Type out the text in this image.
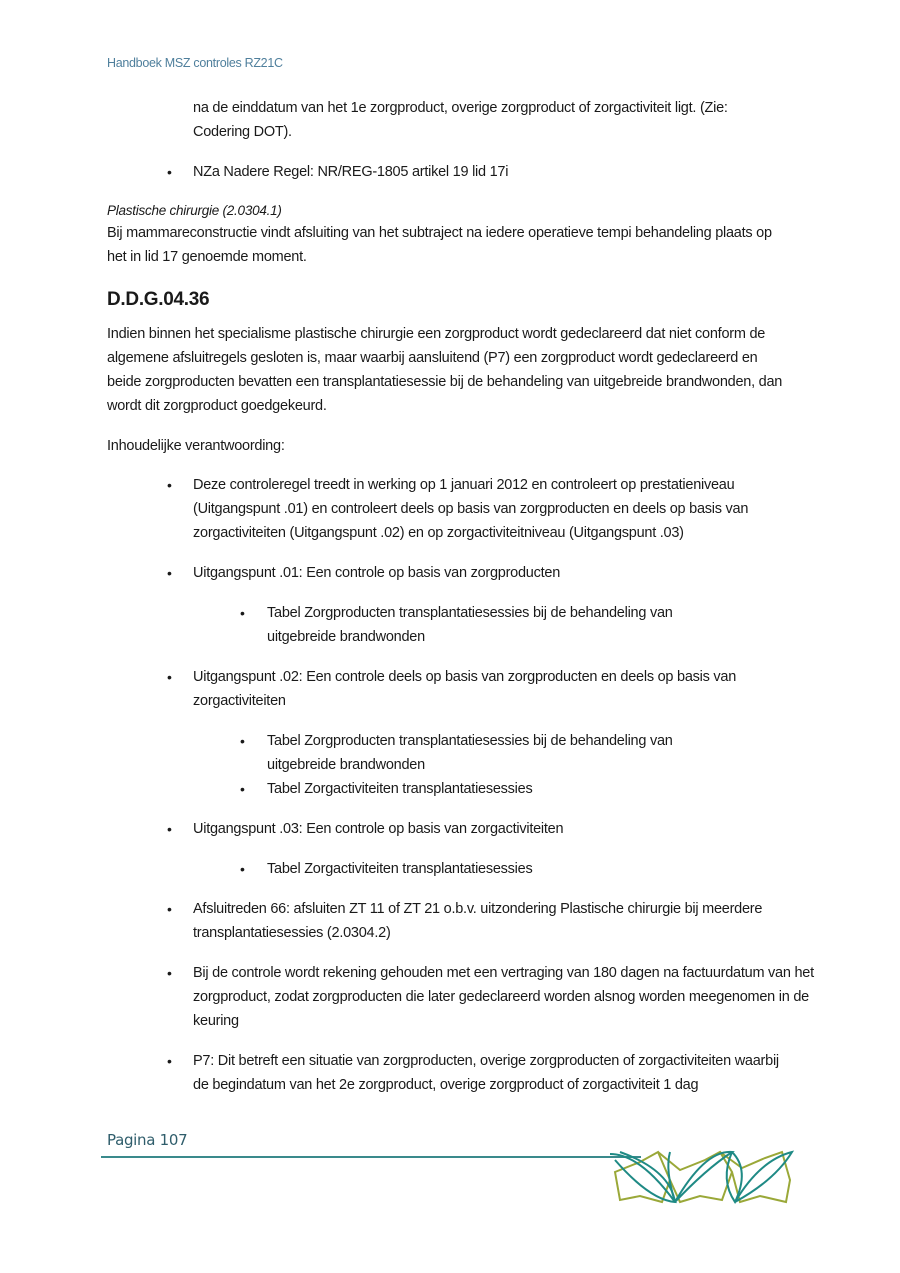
Handboek MSZ controles RZ21C

na de einddatum van het 1e zorgproduct, overige zorgproduct of zorgactiviteit ligt. (Zie:

Codering DOT).

• NZa Nadere Regel: NR/REG-1805 artikel 19 lid 17i

Plastische chirurgie (2.0304.1)

Bij mammareconstructie vindt afsluiting van het subtraject na iedere operatieve tempi behandeling plaats op het in lid 17 genoemde moment.

D.D.G.04.36

Indien binnen het specialisme plastische chirurgie een zorgproduct wordt gedeclareerd dat niet conform de algemene afsluitregels gesloten is, maar waarbij aansluitend (P7) een zorgproduct wordt gedeclareerd en beide zorgproducten bevatten een transplantatiesessie bij de behandeling van uitgebreide brandwonden, dan wordt dit zorgproduct goedgekeurd.

Inhoudelijke verantwoording:

• Deze controleregel treedt in werking op 1 januari 2012 en controleert op prestatieniveau (Uitgangspunt .01) en controleert deels op basis van zorgproducten en deels op basis van zorgactiviteiten (Uitgangspunt .02) en op zorgactiviteitniveau (Uitgangspunt .03)

• Uitgangspunt .01: Een controle op basis van zorgproducten

• Tabel Zorgproducten transplantatiesessies bij de behandeling van uitgebreide brandwonden

• Uitgangspunt .02: Een controle deels op basis van zorgproducten en deels op basis van zorgactiviteiten

• Tabel Zorgproducten transplantatiesessies bij de behandeling van uitgebreide brandwonden

• Tabel Zorgactiviteiten transplantatiesessies

• Uitgangspunt .03: Een controle op basis van zorgactiviteiten

• Tabel Zorgactiviteiten transplantatiesessies

• Afsluitreden 66: afsluiten ZT 11 of ZT 21 o.b.v. uitzondering Plastische chirurgie bij meerdere transplantatiesessies (2.0304.2)

• Bij de controle wordt rekening gehouden met een vertraging van 180 dagen na factuurdatum van het zorgproduct, zodat zorgproducten die later gedeclareerd worden alsnog worden meegenomen in de keuring

• P7: Dit betreft een situatie van zorgproducten, overige zorgproducten of zorgactiviteiten waarbij de begindatum van het 2e zorgproduct, overige zorgproduct of zorgactiviteit 1 dag

Pagina 107
